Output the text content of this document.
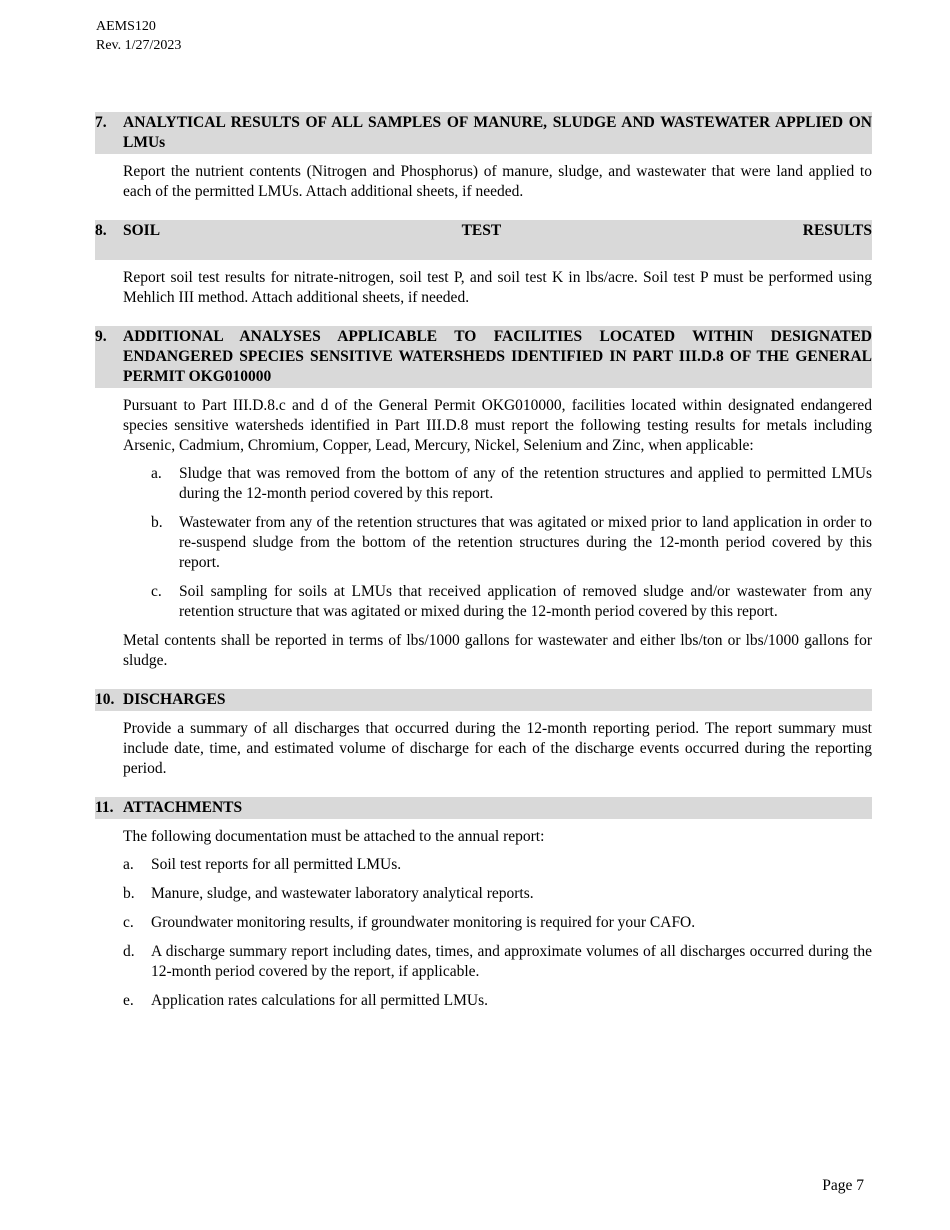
AEMS120
Rev. 1/27/2023
7.	ANALYTICAL RESULTS OF ALL SAMPLES OF MANURE, SLUDGE AND WASTEWATER APPLIED ON LMUs

Report the nutrient contents (Nitrogen and Phosphorus) of manure, sludge, and wastewater that were land applied to each of the permitted LMUs. Attach additional sheets, if needed.

8.	SOIL	TEST	RESULTS

Report soil test results for nitrate-nitrogen, soil test P, and soil test K in lbs/acre. Soil test P must be performed using Mehlich III method. Attach additional sheets, if needed.

9.	ADDITIONAL ANALYSES APPLICABLE TO FACILITIES LOCATED WITHIN DESIGNATED ENDANGERED SPECIES SENSITIVE WATERSHEDS IDENTIFIED IN PART III.D.8 OF THE GENERAL PERMIT OKG010000

Pursuant to Part III.D.8.c and d of the General Permit OKG010000, facilities located within designated endangered species sensitive watersheds identified in Part III.D.8 must report the following testing results for metals including Arsenic, Cadmium, Chromium, Copper, Lead, Mercury, Nickel, Selenium and Zinc, when applicable:

a.	Sludge that was removed from the bottom of any of the retention structures and applied to permitted LMUs during the 12-month period covered by this report.
b.	Wastewater from any of the retention structures that was agitated or mixed prior to land application in order to re-suspend sludge from the bottom of the retention structures during the 12-month period covered by this report.
c.	Soil sampling for soils at LMUs that received application of removed sludge and/or wastewater from any retention structure that was agitated or mixed during the 12-month period covered by this report.

Metal contents shall be reported in terms of lbs/1000 gallons for wastewater and either lbs/ton or lbs/1000 gallons for sludge.

10. DISCHARGES

Provide a summary of all discharges that occurred during the 12-month reporting period. The report summary must include date, time, and estimated volume of discharge for each of the discharge events occurred during the reporting period.

11. ATTACHMENTS

The following documentation must be attached to the annual report:

a.	Soil test reports for all permitted LMUs.
b.	Manure, sludge, and wastewater laboratory analytical reports.
c.	Groundwater monitoring results, if groundwater monitoring is required for your CAFO.
d.	A discharge summary report including dates, times, and approximate volumes of all discharges occurred during the 12-month period covered by the report, if applicable.
e.	Application rates calculations for all permitted LMUs.
Page 7
